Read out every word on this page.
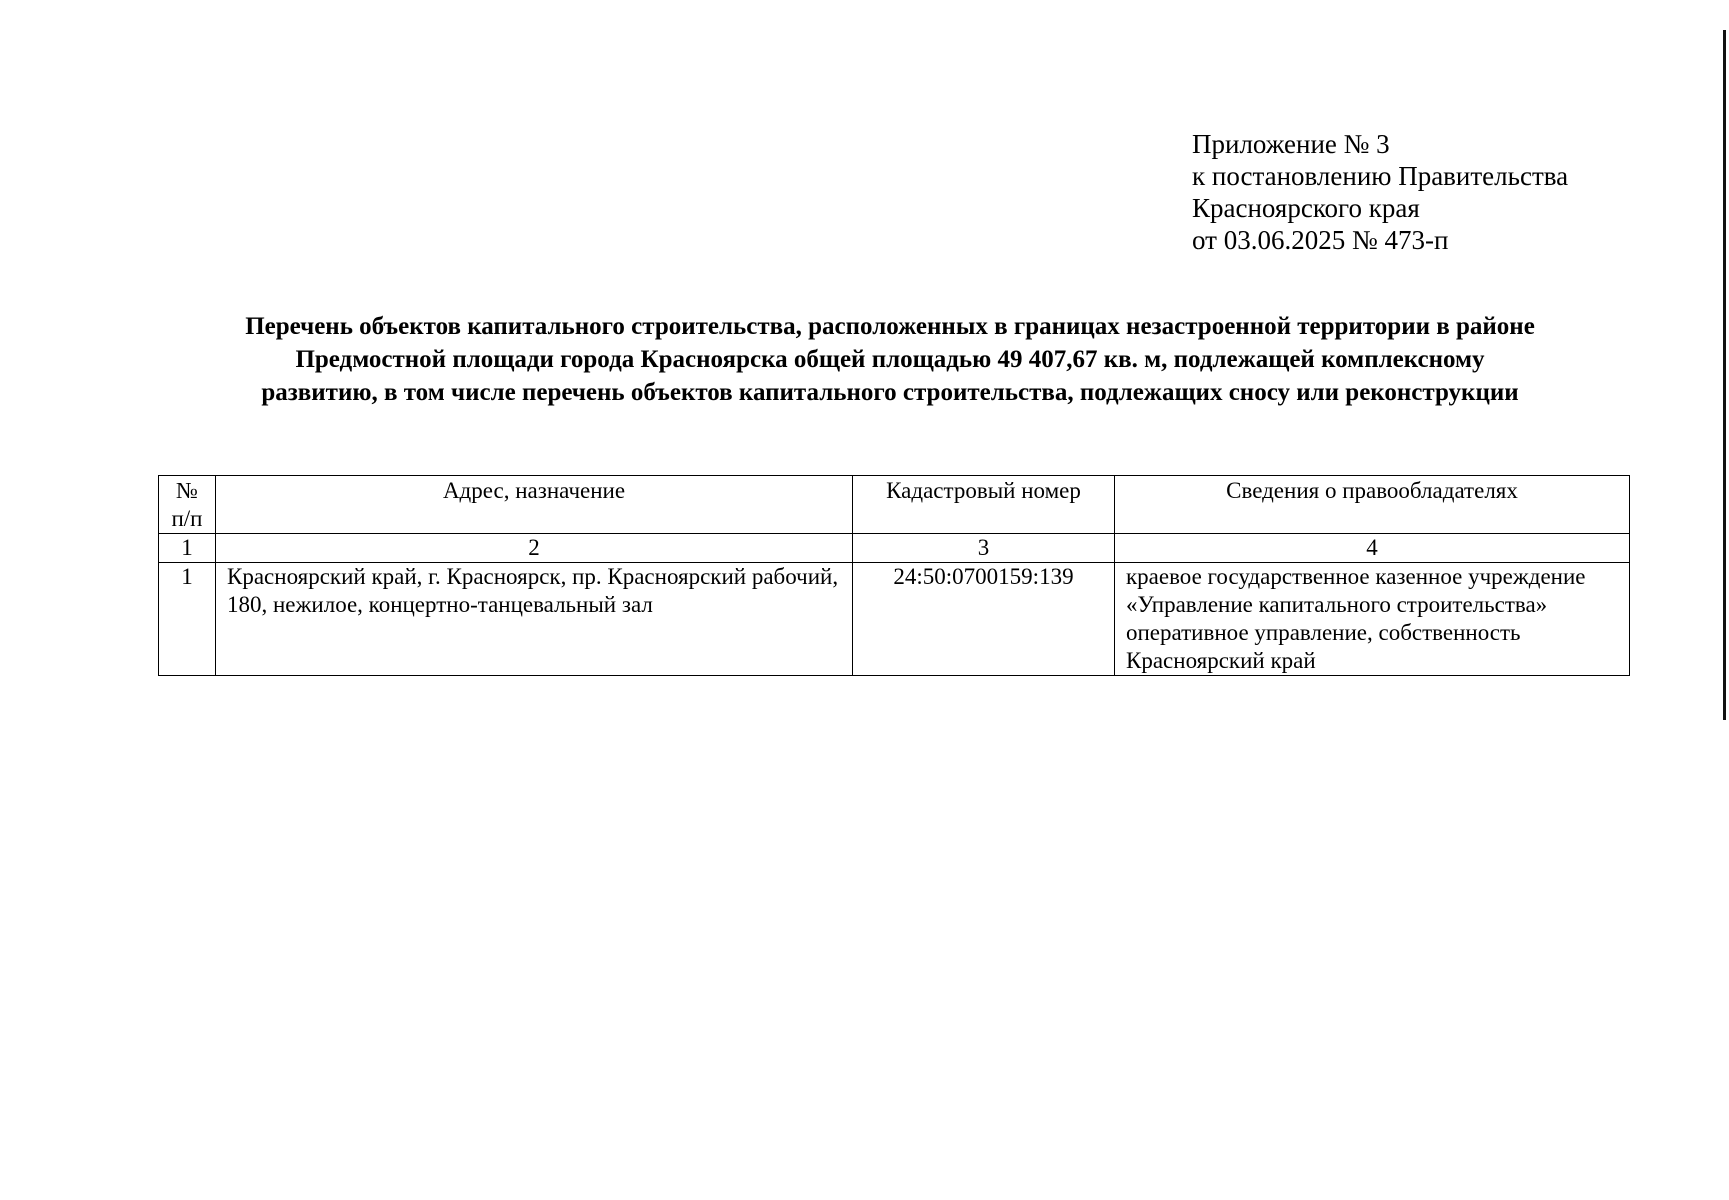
Приложение № 3
к постановлению Правительства
Красноярского края
от 03.06.2025 № 473-п
Перечень объектов капитального строительства, расположенных в границах незастроенной территории в районе
Предмостной площади города Красноярска общей площадью 49 407,67 кв. м, подлежащей комплексному
развитию, в том числе перечень объектов капитального строительства, подлежащих сносу или реконструкции
№
п/п	Адрес, назначение	Кадастровый номер	Сведения о правообладателях
1	2	3	4
1	Красноярский край, г. Красноярск, пр. Красноярский рабочий, 180, нежилое, концертно-танцевальный зал	24:50:0700159:139	краевое государственное казенное учреждение «Управление капитального строительства» оперативное управление, собственность Красноярский край
